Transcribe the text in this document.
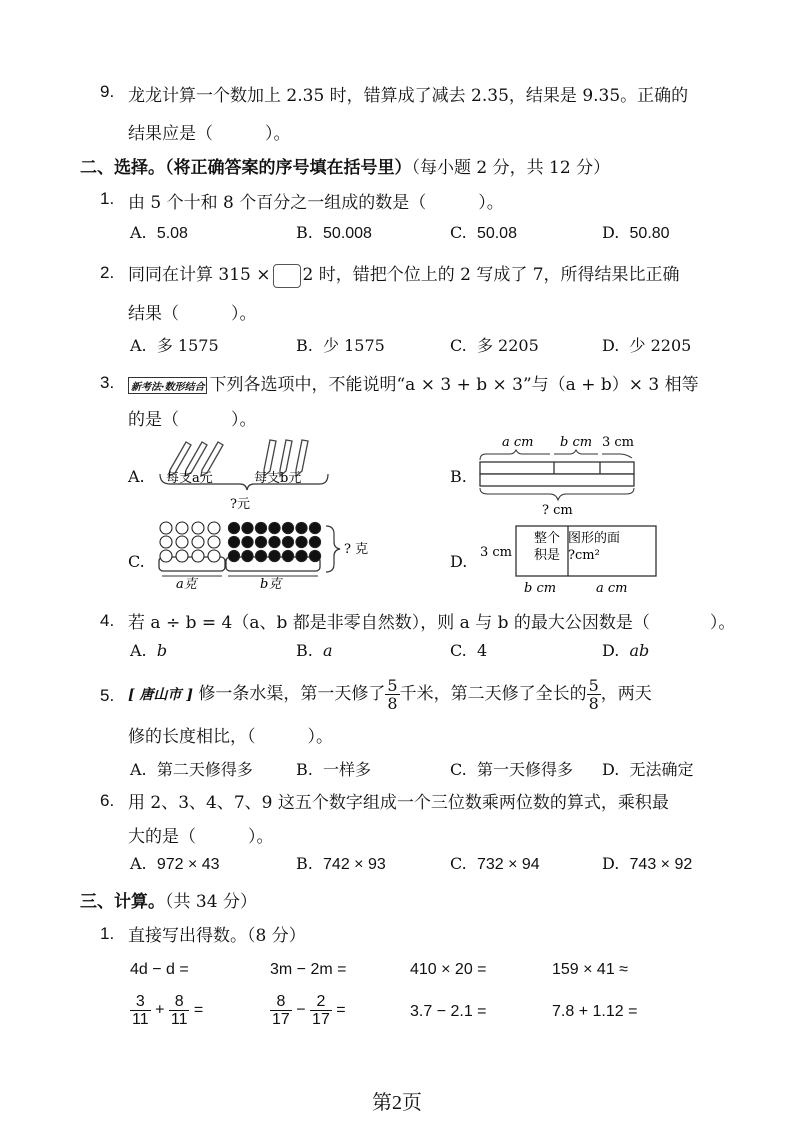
9. 龙龙计算一个数加上 2.35 时，错算成了减去 2.35，结果是 9.35。正确的
结果应是（	）。
二、选择。（将正确答案的序号填在括号里）（每小题 2 分，共 12 分）
1. 由 5 个十和 8 个百分之一组成的数是（	）。
A. 5.08	B. 50.008	C. 50.08	D. 50.80
2. 同同在计算 315 × 2 时，错把个位上的 2 写成了 7，所得结果比正确
结果（	）。
A. 多 1575	B. 少 1575	C. 多 2205	D. 少 2205
3.	新考法·数形结合 下列各选项中，不能说明“a × 3 + b × 3”与（a + b）× 3 相等
的是（	）。
A. 每支a元	每支b元
?元
B.
a cm b cm 3 cm
? cm
C.
? 克
a克	b克
D. 3 cm
整个
积是
图形的面
?cm²
b cm	a cm
4. 若 a ÷ b = 4（a、b 都是非零自然数），则 a 与 b 的最大公因数是（	）。
A. b	B. a	C. 4	D. ab
5. [ 唐山市 ] 修一条水渠，第一天修了 $\frac{5}{8}$ 千米，第二天修了全长的 $\frac{5}{8}$ ，两天
修的长度相比，（	）。
A. 第二天修得多	B. 一样多	C. 第一天修得多 D. 无法确定
6. 用 2、3、4、7、9 这五个数字组成一个三位数乘两位数的算式，乘积最
大的是（	）。
A. 972 × 43	B. 742 × 93	C. 732 × 94	D. 743 × 92
三、计算。（共 34 分）
1. 直接写出得数。（8 分）
4d − d =	3m − 2m =	410 × 20 =	159 × 41 ≈
$\frac{3}{11} + \frac{8}{11}$ =	$\frac{8}{17} - \frac{2}{17}$ =	3.7 − 2.1 =	7.8 + 1.12 =
第2页
